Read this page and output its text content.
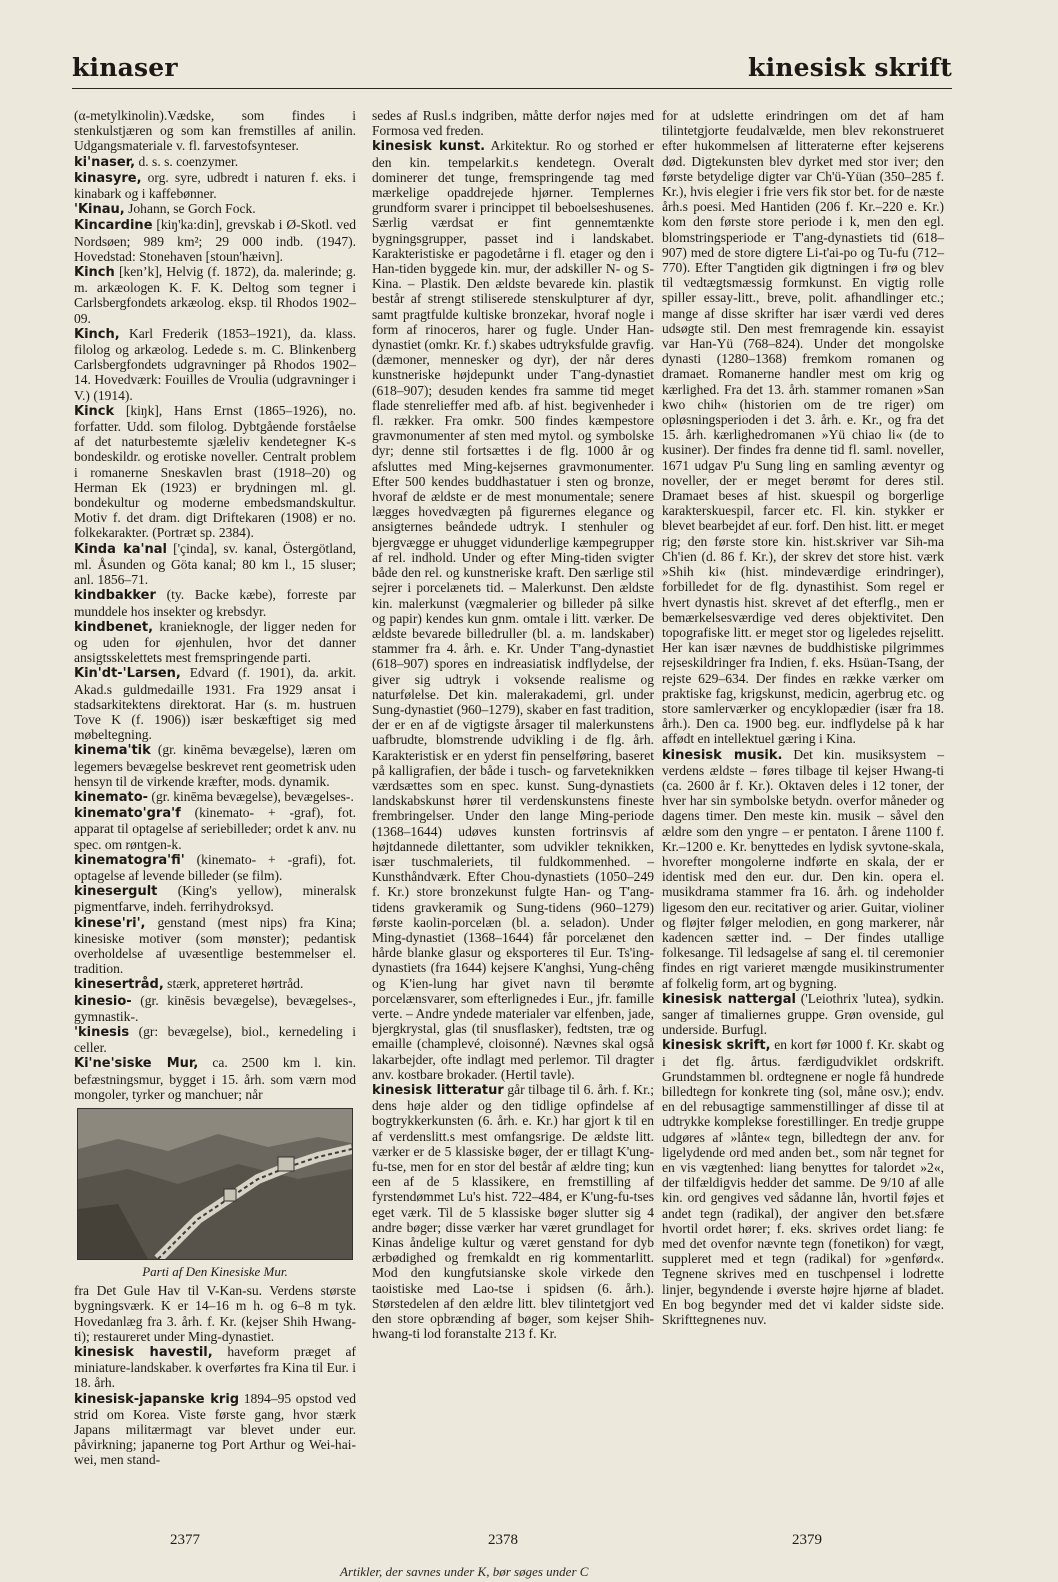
kinaser	kinesisk skrift

(α-metylkinolin).Vædske, som findes i stenkulstjæren og som kan fremstilles af anilin. Udgangsmateriale v. fl. farvestofsynteser.

ki'naser, d. s. s. coenzymer.

kinasyre, org. syre, udbredt i naturen f. eks. i kinabark og i kaffebønner.

'Kinau, Johann, se Gorch Fock.

Kincardine [kiŋ'ka:din], grevskab i Ø-Skotl. ved Nordsøen; 989 km²; 29 000 indb. (1947). Hovedstad: Stonehaven [stoun'hæivn].

Kinch [kenʼk], Helvig (f. 1872), da. malerinde; g. m. arkæologen K. F. K. Deltog som tegner i Carlsbergfondets arkæolog. eksp. til Rhodos 1902–09.

Kinch, Karl Frederik (1853–1921), da. klass. filolog og arkæolog. Ledede s. m. C. Blinkenberg Carlsbergfondets udgravninger på Rhodos 1902–14. Hovedværk: Fouilles de Vroulia (udgravninger i V.) (1914).

Kinck [kiŋk], Hans Ernst (1865–1926), no. forfatter. Udd. som filolog. Dybtgående forståelse af det naturbestemte sjæleliv kendetegner K-s bondeskildr. og erotiske noveller. Centralt problem i romanerne Sneskavlen brast (1918–20) og Herman Ek (1923) er brydningen ml. gl. bondekultur og moderne embedsmandskultur. Motiv f. det dram. digt Driftekaren (1908) er no. folkekarakter. (Portræt sp. 2384).

Kinda ka'nal ['çinda], sv. kanal, Östergötland, ml. Åsunden og Göta kanal; 80 km l., 15 sluser; anl. 1856–71.

kindbakker (ty. Backe kæbe), forreste par munddele hos insekter og krebsdyr.

kindbenet, kranieknogle, der ligger neden for og uden for øjenhulen, hvor det danner ansigtsskelettets mest fremspringende parti.

Kin'dt-'Larsen, Edvard (f. 1901), da. arkit. Akad.s guldmedaille 1931. Fra 1929 ansat i stadsarkitektens direktorat. Har (s. m. hustruen Tove K (f. 1906)) især beskæftiget sig med møbeltegning.

kinema'tik (gr. kinēma bevægelse), læren om legemers bevægelse beskrevet rent geometrisk uden hensyn til de virkende kræfter, mods. dynamik.

kinemato- (gr. kinēma bevægelse), bevægelses-.

kinemato'gra'f (kinemato- + -graf), fot. apparat til optagelse af seriebilleder; ordet k anv. nu spec. om røntgen-k.

kinematogra'fi' (kinemato- + -grafi), fot. optagelse af levende billeder (se film).

kinesergult (King's yellow), mineralsk pigmentfarve, indeh. ferrihydroksyd.

kinese'ri', genstand (mest nips) fra Kina; kinesiske motiver (som mønster); pedantisk overholdelse af uvæsentlige bestemmelser el. tradition.

kinesertråd, stærk, appreteret hørtråd.

kinesio- (gr. kinēsis bevægelse), bevægelses-, gymnastik-.

'kinesis (gr: bevægelse), biol., kernedeling i celler.

Ki'ne'siske Mur, ca. 2500 km l. kin. befæstningsmur, bygget i 15. årh. som værn mod mongoler, tyrker og manchuer; når

Parti af Den Kinesiske Mur.

fra Det Gule Hav til V-Kan-su. Verdens største bygningsværk. K er 14–16 m h. og 6–8 m tyk. Hovedanlæg fra 3. årh. f. Kr. (kejser Shih Hwang-ti); restaureret under Ming-dynastiet.

kinesisk havestil, haveform præget af miniature-landskaber. k overførtes fra Kina til Eur. i 18. årh.

kinesisk-japanske krig 1894–95 opstod ved strid om Korea. Viste første gang, hvor stærk Japans militærmagt var blevet under eur. påvirkning; japanerne tog Port Arthur og Wei-hai-wei, men stand-

sedes af Rusl.s indgriben, måtte derfor nøjes med Formosa ved freden.

kinesisk kunst. Arkitektur. Ro og storhed er den kin. tempelarkit.s kendetegn. Overalt dominerer det tunge, fremspringende tag med mærkelige opaddrejede hjørner. Templernes grundform svarer i princippet til beboelseshusenes. Særlig værdsat er fint gennemtænkte bygningsgrupper, passet ind i landskabet. Karakteristiske er pagodetårne i fl. etager og den i Han-tiden byggede kin. mur, der adskiller N- og S-Kina. – Plastik. Den ældste bevarede kin. plastik består af strengt stiliserede stenskulpturer af dyr, samt pragtfulde kultiske bronzekar, hvoraf nogle i form af rinoceros, harer og fugle. Under Han-dynastiet (omkr. Kr. f.) skabes udtryksfulde gravfig. (dæmoner, mennesker og dyr), der når deres kunstneriske højdepunkt under T'ang-dynastiet (618–907); desuden kendes fra samme tid meget flade stenrelieffer med afb. af hist. begivenheder i fl. rækker. Fra omkr. 500 findes kæmpestore gravmonumenter af sten med mytol. og symbolske dyr; denne stil fortsættes i de flg. 1000 år og afsluttes med Ming-kejsernes gravmonumenter. Efter 500 kendes buddhastatuer i sten og bronze, hvoraf de ældste er de mest monumentale; senere lægges hovedvægten på figurernes elegance og ansigternes beåndede udtryk. I stenhuler og bjergvægge er uhugget vidunderlige kæmpegrupper af rel. indhold. Under og efter Ming-tiden svigter både den rel. og kunstneriske kraft. Den særlige stil sejrer i porcelænets tid. – Malerkunst. Den ældste kin. malerkunst (vægmalerier og billeder på silke og papir) kendes kun gnm. omtale i litt. værker. De ældste bevarede billedruller (bl. a. m. landskaber) stammer fra 4. årh. e. Kr. Under T'ang-dynastiet (618–907) spores en indreasiatisk indflydelse, der giver sig udtryk i voksende realisme og naturfølelse. Det kin. malerakademi, grl. under Sung-dynastiet (960–1279), skaber en fast tradition, der er en af de vigtigste årsager til malerkunstens uafbrudte, blomstrende udvikling i de flg. årh. Karakteristisk er en yderst fin penselføring, baseret på kalligrafien, der både i tusch- og farveteknikken værdsættes som en spec. kunst. Sung-dynastiets landskabskunst hører til verdenskunstens fineste frembringelser. Under den lange Ming-periode (1368–1644) udøves kunsten fortrinsvis af højtdannede dilettanter, som udvikler teknikken, især tuschmaleriets, til fuldkommenhed. – Kunsthåndværk. Efter Chou-dynastiets (1050–249 f. Kr.) store bronzekunst fulgte Han- og T'ang-tidens gravkeramik og Sung-tidens (960–1279) første kaolin-porcelæn (bl. a. seladon). Under Ming-dynastiet (1368–1644) får porcelænet den hårde blanke glasur og eksporteres til Eur. Ts'ing-dynastiets (fra 1644) kejsere K'anghsi, Yung-chêng og K'ien-lung har givet navn til berømte porcelænsvarer, som efterlignedes i Eur., jfr. famille verte. – Andre yndede materialer var elfenben, jade, bjergkrystal, glas (til snusflasker), fedtsten, træ og emaille (champlevé, cloisonné). Nævnes skal også lakarbejder, ofte indlagt med perlemor. Til dragter anv. kostbare brokader. (Hertil tavle).

kinesisk litteratur går tilbage til 6. årh. f. Kr.; dens høje alder og den tidlige opfindelse af bogtrykkerkunsten (6. årh. e. Kr.) har gjort k til en af verdenslitt.s mest omfangsrige. De ældste litt. værker er de 5 klassiske bøger, der er tillagt K'ung-fu-tse, men for en stor del består af ældre ting; kun een af de 5 klassikere, en fremstilling af fyrstendømmet Lu's hist. 722–484, er K'ung-fu-tses eget værk. Til de 5 klassiske bøger slutter sig 4 andre bøger; disse værker har været grundlaget for Kinas åndelige kultur og været genstand for dyb ærbødighed og fremkaldt en rig kommentarlitt. Mod den kungfutsianske skole virkede den taoistiske med Lao-tse i spidsen (6. årh.). Størstedelen af den ældre litt. blev tilintetgjort ved den store opbrænding af bøger, som kejser Shih-hwang-ti lod foranstalte 213 f. Kr.

for at udslette erindringen om det af ham tilintetgjorte feudalvælde, men blev rekonstrueret efter hukommelsen af litteraterne efter kejserens død. Digtekunsten blev dyrket med stor iver; den første betydelige digter var Ch'ü-Yüan (350–285 f. Kr.), hvis elegier i frie vers fik stor bet. for de næste årh.s poesi. Med Hantiden (206 f. Kr.–220 e. Kr.) kom den første store periode i k, men den egl. blomstringsperiode er T'ang-dynastiets tid (618–907) med de store digtere Li-t'ai-po og Tu-fu (712–770). Efter T'angtiden gik digtningen i frø og blev til vedtægtsmæssig formkunst. En vigtig rolle spiller essay-litt., breve, polit. afhandlinger etc.; mange af disse skrifter har især værdi ved deres udsøgte stil. Den mest fremragende kin. essayist var Han-Yü (768–824). Under det mongolske dynasti (1280–1368) fremkom romanen og dramaet. Romanerne handler mest om krig og kærlighed. Fra det 13. årh. stammer romanen »San kwo chih« (historien om de tre riger) om opløsningsperioden i det 3. årh. e. Kr., og fra det 15. årh. kærlighedromanen »Yü chiao li« (de to kusiner). Der findes fra denne tid fl. saml. noveller, 1671 udgav P'u Sung ling en samling æventyr og noveller, der er meget berømt for deres stil. Dramaet beses af hist. skuespil og borgerlige karakterskuespil, farcer etc. Fl. kin. stykker er blevet bearbejdet af eur. forf. Den hist. litt. er meget rig; den første store kin. hist.skriver var Sih-ma Ch'ien (d. 86 f. Kr.), der skrev det store hist. værk »Shih ki« (hist. mindeværdige erindringer), forbilledet for de flg. dynastihist. Som regel er hvert dynastis hist. skrevet af det efterflg., men er bemærkelsesværdige ved deres objektivitet. Den topografiske litt. er meget stor og ligeledes rejselitt. Her kan især nævnes de buddhistiske pilgrimmes rejseskildringer fra Indien, f. eks. Hsüan-Tsang, der rejste 629–634. Der findes en række værker om praktiske fag, krigskunst, medicin, agerbrug etc. og store samlerværker og encyklopædier (især fra 18. årh.). Den ca. 1900 beg. eur. indflydelse på k har affødt en intellektuel gæring i Kina.

kinesisk musik. Det kin. musiksystem – verdens ældste – føres tilbage til kejser Hwang-ti (ca. 2600 år f. Kr.). Oktaven deles i 12 toner, der hver har sin symbolske betydn. overfor måneder og dagens timer. Den meste kin. musik – såvel den ældre som den yngre – er pentaton. I årene 1100 f. Kr.–1200 e. Kr. benyttedes en lydisk syvtone-skala, hvorefter mongolerne indførte en skala, der er identisk med den eur. dur. Den kin. opera el. musikdrama stammer fra 16. årh. og indeholder ligesom den eur. recitativer og arier. Guitar, violiner og fløjter følger melodien, en gong markerer, når kadencen sætter ind. – Der findes utallige folkesange. Til ledsagelse af sang el. til ceremonier findes en rigt varieret mængde musikinstrumenter af folkelig form, art og bygning.

kinesisk nattergal ('Leiothrix 'lutea), sydkin. sanger af timaliernes gruppe. Grøn ovenside, gul underside. Burfugl.

kinesisk skrift, en kort før 1000 f. Kr. skabt og i det flg. årtus. færdigudviklet ordskrift. Grundstammen bl. ordtegnene er nogle få hundrede billedtegn for konkrete ting (sol, måne osv.); endv. en del rebusagtige sammenstillinger af disse til at udtrykke komplekse forestillinger. En tredje gruppe udgøres af »lånte« tegn, billedtegn der anv. for ligelydende ord med anden bet., som når tegnet for en vis vægtenhed: liang benyttes for talordet »2«, der tilfældigvis hedder det samme. De 9/10 af alle kin. ord gengives ved sådanne lån, hvortil føjes et andet tegn (radikal), der angiver den bet.sfære hvortil ordet hører; f. eks. skrives ordet liang: fe med det ovenfor nævnte tegn (fonetikon) for vægt, suppleret med et tegn (radikal) for »genførd«. Tegnene skrives med en tuschpensel i lodrette linjer, begyndende i øverste højre hjørne af bladet. En bog begynder med det vi kalder sidste side. Skrifttegnenes nuv.

2377	2378	2379
Artikler, der savnes under K, bør søges under C
